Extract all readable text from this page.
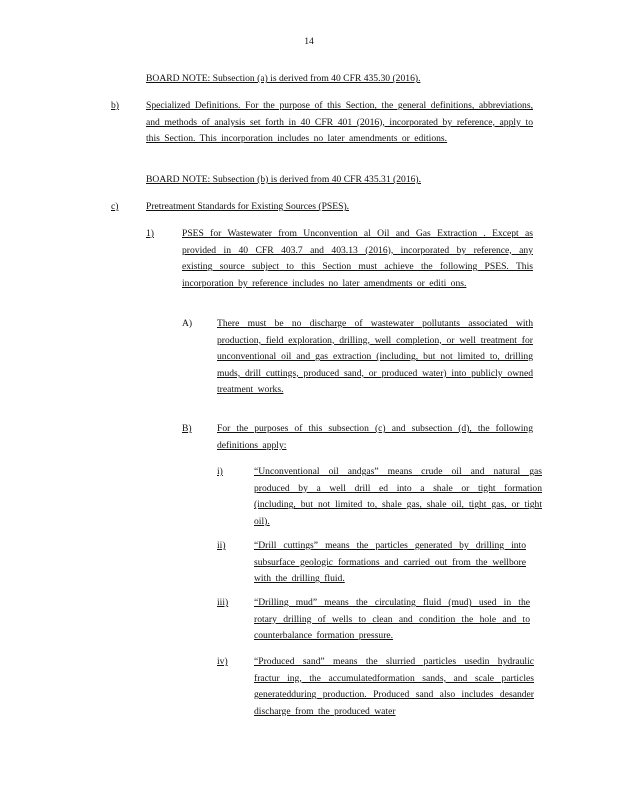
14
BOARD NOTE: Subsection (a) is derived from 40 CFR 435.30 (2016).
b)	Specialized Definitions. For the purpose of this Section, the general definitions, abbreviations, and methods of analysis set forth in 40 CFR 401 (2016), incorporated by reference, apply to this Section. This incorporation includes no later amendments or editions.
BOARD NOTE: Subsection (b) is derived from 40 CFR 435.31 (2016).
c)	Pretreatment Standards for Existing Sources (PSES).
1)	PSES for Wastewater from Unconvention al Oil and Gas Extraction . Except as provided in 40 CFR 403.7 and 403.13 (2016), incorporated by reference, any existing source subject to this Section must achieve the following PSES. This incorporation by reference includes no later amendments or editi ons.
A)	There must be no discharge of wastewater pollutants associated with production, field exploration, drilling, well completion, or well treatment for unconventional oil and gas extraction (including, but not limited to, drilling muds, drill cuttings, produced sand, or produced water) into publicly owned treatment works.
B)	For the purposes of this subsection (c) and subsection (d), the following definitions apply:
i)	“Unconventional oil andgas” means crude oil and natural gas produced by a well drill ed into a shale or tight formation (including, but not limited to, shale gas, shale oil, tight gas, or tight oil).
ii)	“Drill cuttings” means the particles generated by drilling into subsurface geologic formations and carried out from the wellbore with the drilling fluid.
iii)	“Drilling mud” means the circulating fluid (mud) used in the rotary drilling of wells to clean and condition the hole and to counterbalance formation pressure.
iv)	“Produced sand” means the slurried particles usedin hydraulic fractur ing, the accumulatedformation sands, and scale particles generatedduring production. Produced sand also includes desander discharge from the produced water
